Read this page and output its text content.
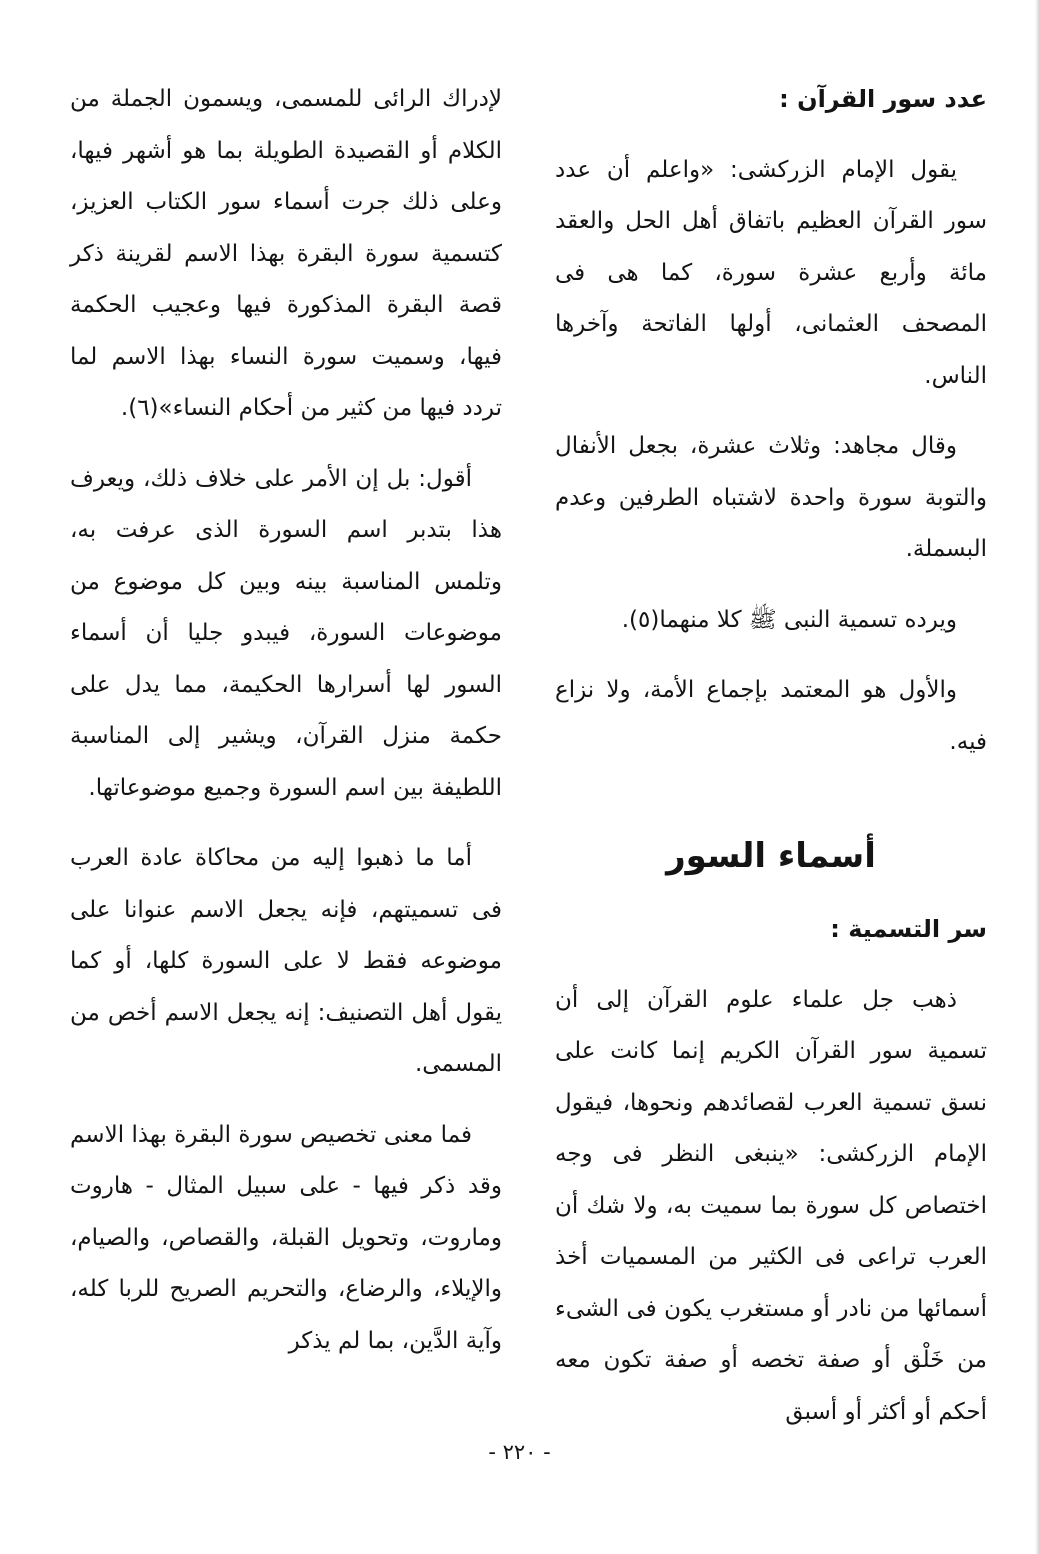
عدد سور القرآن :

يقول الإمام الزركشى: «واعلم أن عدد سور القرآن العظيم باتفاق أهل الحل والعقد مائة وأربع عشرة سورة، كما هى فى المصحف العثمانى، أولها الفاتحة وآخرها الناس.

وقال مجاهد: وثلاث عشرة، بجعل الأنفال والتوبة سورة واحدة لاشتباه الطرفين وعدم البسملة.

ويرده تسمية النبى ﷺ كلا منهما(٥).

والأول هو المعتمد بإجماع الأمة، ولا نزاع فيه.

أسماء السور
سر التسمية :

ذهب جل علماء علوم القرآن إلى أن تسمية سور القرآن الكريم إنما كانت على نسق تسمية العرب لقصائدهم ونحوها، فيقول الإمام الزركشى: «ينبغى النظر فى وجه اختصاص كل سورة بما سميت به، ولا شك أن العرب تراعى فى الكثير من المسميات أخذ أسمائها من نادر أو مستغرب يكون فى الشىء من خَلْق أو صفة تخصه أو صفة تكون معه أحكم أو أكثر أو أسبق

لإدراك الرائى للمسمى، ويسمون الجملة من الكلام أو القصيدة الطويلة بما هو أشهر فيها، وعلى ذلك جرت أسماء سور الكتاب العزيز، كتسمية سورة البقرة بهذا الاسم لقرينة ذكر قصة البقرة المذكورة فيها وعجيب الحكمة فيها، وسميت سورة النساء بهذا الاسم لما تردد فيها من كثير من أحكام النساء»(٦).

أقول: بل إن الأمر على خلاف ذلك، ويعرف هذا بتدبر اسم السورة الذى عرفت به، وتلمس المناسبة بينه وبين كل موضوع من موضوعات السورة، فيبدو جليا أن أسماء السور لها أسرارها الحكيمة، مما يدل على حكمة منزل القرآن، ويشير إلى المناسبة اللطيفة بين اسم السورة وجميع موضوعاتها.

أما ما ذهبوا إليه من محاكاة عادة العرب فى تسميتهم، فإنه يجعل الاسم عنوانا على موضوعه فقط لا على السورة كلها، أو كما يقول أهل التصنيف: إنه يجعل الاسم أخص من المسمى.

فما معنى تخصيص سورة البقرة بهذا الاسم وقد ذكر فيها - على سبيل المثال - هاروت وماروت، وتحويل القبلة، والقصاص، والصيام، والإيلاء، والرضاع، والتحريم الصريح للربا كله، وآية الدَّين، بما لم يذكر

- ٢٢٠ -
